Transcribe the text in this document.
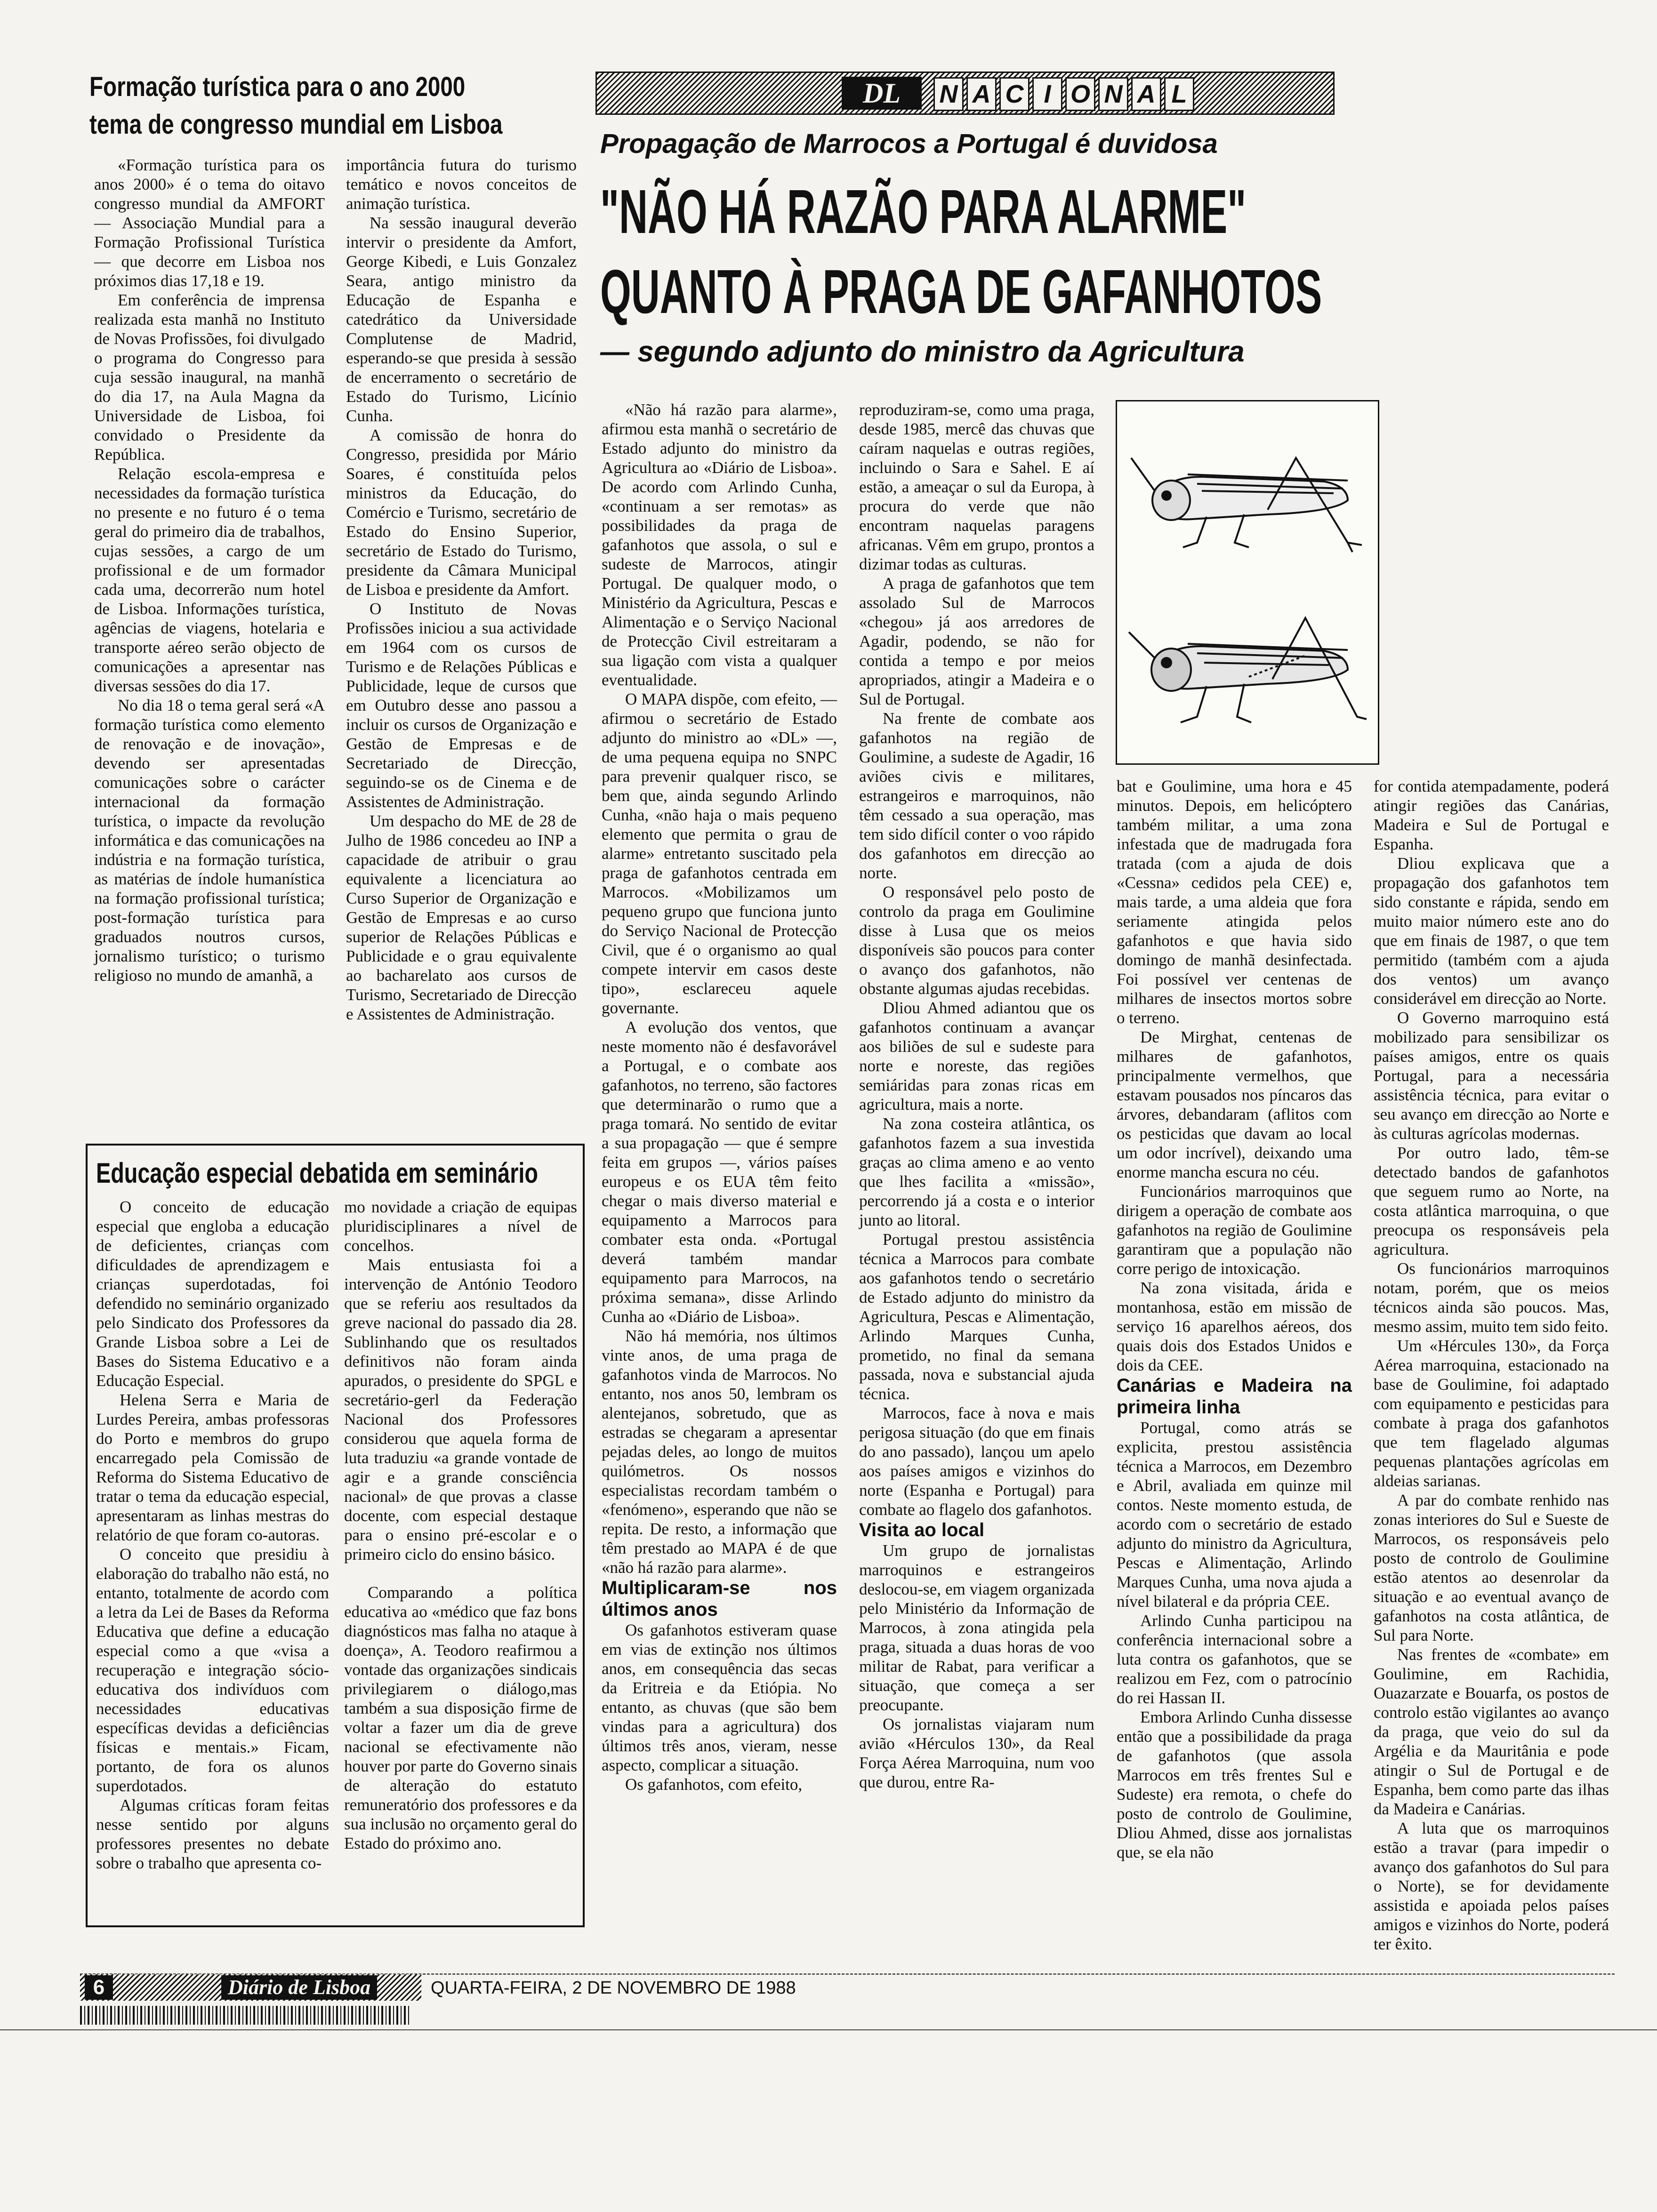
Formação turística para o ano 2000
tema de congresso mundial em Lisboa

«Formação turística para os anos 2000» é o tema do oitavo congresso mundial da AMFORT — Associação Mundial para a Formação Profissional Turística — que decorre em Lisboa nos próximos dias 17,18 e 19.

Em conferência de imprensa realizada esta manhã no Instituto de Novas Profissões, foi divulgado o programa do Congresso para cuja sessão inaugural, na manhã do dia 17, na Aula Magna da Universidade de Lisboa, foi convidado o Presidente da República.

Relação escola-empresa e necessidades da formação turística no presente e no futuro é o tema geral do primeiro dia de trabalhos, cujas sessões, a cargo de um profissional e de um formador cada uma, decorrerão num hotel de Lisboa. Informações turística, agências de viagens, hotelaria e transporte aéreo serão objecto de comunicações a apresentar nas diversas sessões do dia 17.

No dia 18 o tema geral será «A formação turística como elemento de renovação e de inovação», devendo ser apresentadas comunicações sobre o carácter internacional da formação turística, o impacte da revolução informática e das comunicações na indústria e na formação turística, as matérias de índole humanística na formação profissional turística; post-formação turística para graduados noutros cursos, jornalismo turístico; o turismo religioso no mundo de amanhã, a

importância futura do turismo temático e novos conceitos de animação turística.

Na sessão inaugural deverão intervir o presidente da Amfort, George Kibedi, e Luis Gonzalez Seara, antigo ministro da Educação de Espanha e catedrático da Universidade Complutense de Madrid, esperando-se que presida à sessão de encerramento o secretário de Estado do Turismo, Licínio Cunha.

A comissão de honra do Congresso, presidida por Mário Soares, é constituída pelos ministros da Educação, do Comércio e Turismo, secretário de Estado do Ensino Superior, secretário de Estado do Turismo, presidente da Câmara Municipal de Lisboa e presidente da Amfort.

O Instituto de Novas Profissões iniciou a sua actividade em 1964 com os cursos de Turismo e de Relações Públicas e Publicidade, leque de cursos que em Outubro desse ano passou a incluir os cursos de Organização e Gestão de Empresas e de Secretariado de Direcção, seguindo-se os de Cinema e de Assistentes de Administração.

Um despacho do ME de 28 de Julho de 1986 concedeu ao INP a capacidade de atribuir o grau equivalente a licenciatura ao Curso Superior de Organização e Gestão de Empresas e ao curso superior de Relações Públicas e Publicidade e o grau equivalente ao bacharelato aos cursos de Turismo, Secretariado de Direcção e Assistentes de Administração.

Educação especial debatida em seminário

O conceito de educação especial que engloba a educação de deficientes, crianças com dificuldades de aprendizagem e crianças superdotadas, foi defendido no seminário organizado pelo Sindicato dos Professores da Grande Lisboa sobre a Lei de Bases do Sistema Educativo e a Educação Especial.

Helena Serra e Maria de Lurdes Pereira, ambas professoras do Porto e membros do grupo encarregado pela Comissão de Reforma do Sistema Educativo de tratar o tema da educação especial, apresentaram as linhas mestras do relatório de que foram co-autoras.

O conceito que presidiu à elaboração do trabalho não está, no entanto, totalmente de acordo com a letra da Lei de Bases da Reforma Educativa que define a educação especial como a que «visa a recuperação e integração sócio-educativa dos indivíduos com necessidades educativas específicas devidas a deficiências físicas e mentais.» Ficam, portanto, de fora os alunos superdotados.

Algumas críticas foram feitas nesse sentido por alguns professores presentes no debate sobre o trabalho que apresenta co-

mo novidade a criação de equipas pluridisciplinares a nível de concelhos.

Mais entusiasta foi a intervenção de António Teodoro que se referiu aos resultados da greve nacional do passado dia 28. Sublinhando que os resultados definitivos não foram ainda apurados, o presidente do SPGL e secretário-gerl da Federação Nacional dos Professores considerou que aquela forma de luta traduziu «a grande vontade de agir e a grande consciência nacional» de que provas a classe docente, com especial destaque para o ensino pré-escolar e o primeiro ciclo do ensino básico.

Comparando a política educativa ao «médico que faz bons diagnósticos mas falha no ataque à doença», A. Teodoro reafirmou a vontade das organizações sindicais privilegiarem o diálogo,mas também a sua disposição firme de voltar a fazer um dia de greve nacional se efectivamente não houver por parte do Governo sinais de alteração do estatuto remuneratório dos professores e da sua inclusão no orçamento geral do Estado do próximo ano.

DL	N A C I O N A L
Propagação de Marrocos a Portugal é duvidosa
"NÃO HÁ RAZÃO PARA ALARME"
QUANTO À PRAGA DE GAFANHOTOS
— segundo adjunto do ministro da Agricultura

«Não há razão para alarme», afirmou esta manhã o secretário de Estado adjunto do ministro da Agricultura ao «Diário de Lisboa». De acordo com Arlindo Cunha, «continuam a ser remotas» as possibilidades da praga de gafanhotos que assola, o sul e sudeste de Marrocos, atingir Portugal. De qualquer modo, o Ministério da Agricultura, Pescas e Alimentação e o Serviço Nacional de Protecção Civil estreitaram a sua ligação com vista a qualquer eventualidade.

O MAPA dispõe, com efeito, — afirmou o secretário de Estado adjunto do ministro ao «DL» —, de uma pequena equipa no SNPC para prevenir qualquer risco, se bem que, ainda segundo Arlindo Cunha, «não haja o mais pequeno elemento que permita o grau de alarme» entretanto suscitado pela praga de gafanhotos centrada em Marrocos. «Mobilizamos um pequeno grupo que funciona junto do Serviço Nacional de Protecção Civil, que é o organismo ao qual compete intervir em casos deste tipo», esclareceu aquele governante.

A evolução dos ventos, que neste momento não é desfavorável a Portugal, e o combate aos gafanhotos, no terreno, são factores que determinarão o rumo que a praga tomará. No sentido de evitar a sua propagação — que é sempre feita em grupos —, vários países europeus e os EUA têm feito chegar o mais diverso material e equipamento a Marrocos para combater esta onda. «Portugal deverá também mandar equipamento para Marrocos, na próxima semana», disse Arlindo Cunha ao «Diário de Lisboa».

Não há memória, nos últimos vinte anos, de uma praga de gafanhotos vinda de Marrocos. No entanto, nos anos 50, lembram os alentejanos, sobretudo, que as estradas se chegaram a apresentar pejadas deles, ao longo de muitos quilómetros. Os nossos especialistas recordam também o «fenómeno», esperando que não se repita. De resto, a informação que têm prestado ao MAPA é de que «não há razão para alarme».

Multiplicaram-se nos últimos anos

Os gafanhotos estiveram quase em vias de extinção nos últimos anos, em consequência das secas da Eritreia e da Etiópia. No entanto, as chuvas (que são bem vindas para a agricultura) dos últimos três anos, vieram, nesse aspecto, complicar a situação.

Os gafanhotos, com efeito,

reproduziram-se, como uma praga, desde 1985, mercê das chuvas que caíram naquelas e outras regiões, incluindo o Sara e Sahel. E aí estão, a ameaçar o sul da Europa, à procura do verde que não encontram naquelas paragens africanas. Vêm em grupo, prontos a dizimar todas as culturas.

A praga de gafanhotos que tem assolado Sul de Marrocos «chegou» já aos arredores de Agadir, podendo, se não for contida a tempo e por meios apropriados, atingir a Madeira e o Sul de Portugal.

Na frente de combate aos gafanhotos na região de Goulimine, a sudeste de Agadir, 16 aviões civis e militares, estrangeiros e marroquinos, não têm cessado a sua operação, mas tem sido difícil conter o voo rápido dos gafanhotos em direcção ao norte.

O responsável pelo posto de controlo da praga em Goulimine disse à Lusa que os meios disponíveis são poucos para conter o avanço dos gafanhotos, não obstante algumas ajudas recebidas.

Dliou Ahmed adiantou que os gafanhotos continuam a avançar aos biliões de sul e sudeste para norte e noreste, das regiões semiáridas para zonas ricas em agricultura, mais a norte.

Na zona costeira atlântica, os gafanhotos fazem a sua investida graças ao clima ameno e ao vento que lhes facilita a «missão», percorrendo já a costa e o interior junto ao litoral.

Portugal prestou assistência técnica a Marrocos para combate aos gafanhotos tendo o secretário de Estado adjunto do ministro da Agricultura, Pescas e Alimentação, Arlindo Marques Cunha, prometido, no final da semana passada, nova e substancial ajuda técnica.

Marrocos, face à nova e mais perigosa situação (do que em finais do ano passado), lançou um apelo aos países amigos e vizinhos do norte (Espanha e Portugal) para combate ao flagelo dos gafanhotos.

Visita ao local

Um grupo de jornalistas marroquinos e estrangeiros deslocou-se, em viagem organizada pelo Ministério da Informação de Marrocos, à zona atingida pela praga, situada a duas horas de voo militar de Rabat, para verificar a situação, que começa a ser preocupante.

Os jornalistas viajaram num avião «Hérculos 130», da Real Força Aérea Marroquina, num voo que durou, entre Ra-

bat e Goulimine, uma hora e 45 minutos. Depois, em helicóptero também militar, a uma zona infestada que de madrugada fora tratada (com a ajuda de dois «Cessna» cedidos pela CEE) e, mais tarde, a uma aldeia que fora seriamente atingida pelos gafanhotos e que havia sido domingo de manhã desinfectada. Foi possível ver centenas de milhares de insectos mortos sobre o terreno.

De Mirghat, centenas de milhares de gafanhotos, principalmente vermelhos, que estavam pousados nos píncaros das árvores, debandaram (aflitos com os pesticidas que davam ao local um odor incrível), deixando uma enorme mancha escura no céu.

Funcionários marroquinos que dirigem a operação de combate aos gafanhotos na região de Goulimine garantiram que a população não corre perigo de intoxicação.

Na zona visitada, árida e montanhosa, estão em missão de serviço 16 aparelhos aéreos, dos quais dois dos Estados Unidos e dois da CEE.

Canárias e Madeira na primeira linha

Portugal, como atrás se explicita, prestou assistência técnica a Marrocos, em Dezembro e Abril, avaliada em quinze mil contos. Neste momento estuda, de acordo com o secretário de estado adjunto do ministro da Agricultura, Pescas e Alimentação, Arlindo Marques Cunha, uma nova ajuda a nível bilateral e da própria CEE.

Arlindo Cunha participou na conferência internacional sobre a luta contra os gafanhotos, que se realizou em Fez, com o patrocínio do rei Hassan II.

Embora Arlindo Cunha dissesse então que a possibilidade da praga de gafanhotos (que assola Marrocos em três frentes Sul e Sudeste) era remota, o chefe do posto de controlo de Goulimine, Dliou Ahmed, disse aos jornalistas que, se ela não

for contida atempadamente, poderá atingir regiões das Canárias, Madeira e Sul de Portugal e Espanha.

Dliou explicava que a propagação dos gafanhotos tem sido constante e rápida, sendo em muito maior número este ano do que em finais de 1987, o que tem permitido (também com a ajuda dos ventos) um avanço considerável em direcção ao Norte.

O Governo marroquino está mobilizado para sensibilizar os países amigos, entre os quais Portugal, para a necessária assistência técnica, para evitar o seu avanço em direcção ao Norte e às culturas agrícolas modernas.

Por outro lado, têm-se detectado bandos de gafanhotos que seguem rumo ao Norte, na costa atlântica marroquina, o que preocupa os responsáveis pela agricultura.

Os funcionários marroquinos notam, porém, que os meios técnicos ainda são poucos. Mas, mesmo assim, muito tem sido feito.

Um «Hércules 130», da Força Aérea marroquina, estacionado na base de Goulimine, foi adaptado com equipamento e pesticidas para combate à praga dos gafanhotos que tem flagelado algumas pequenas plantações agrícolas em aldeias sarianas.

A par do combate renhido nas zonas interiores do Sul e Sueste de Marrocos, os responsáveis pelo posto de controlo de Goulimine estão atentos ao desenrolar da situação e ao eventual avanço de gafanhotos na costa atlântica, de Sul para Norte.

Nas frentes de «combate» em Goulimine, em Rachidia, Ouazarzate e Bouarfa, os postos de controlo estão vigilantes ao avanço da praga, que veio do sul da Argélia e da Mauritânia e pode atingir o Sul de Portugal e de Espanha, bem como parte das ilhas da Madeira e Canárias.

A luta que os marroquinos estão a travar (para impedir o avanço dos gafanhotos do Sul para o Norte), se for devidamente assistida e apoiada pelos países amigos e vizinhos do Norte, poderá ter êxito.

6	Diário de Lisboa	QUARTA-FEIRA, 2 DE NOVEMBRO DE 1988
